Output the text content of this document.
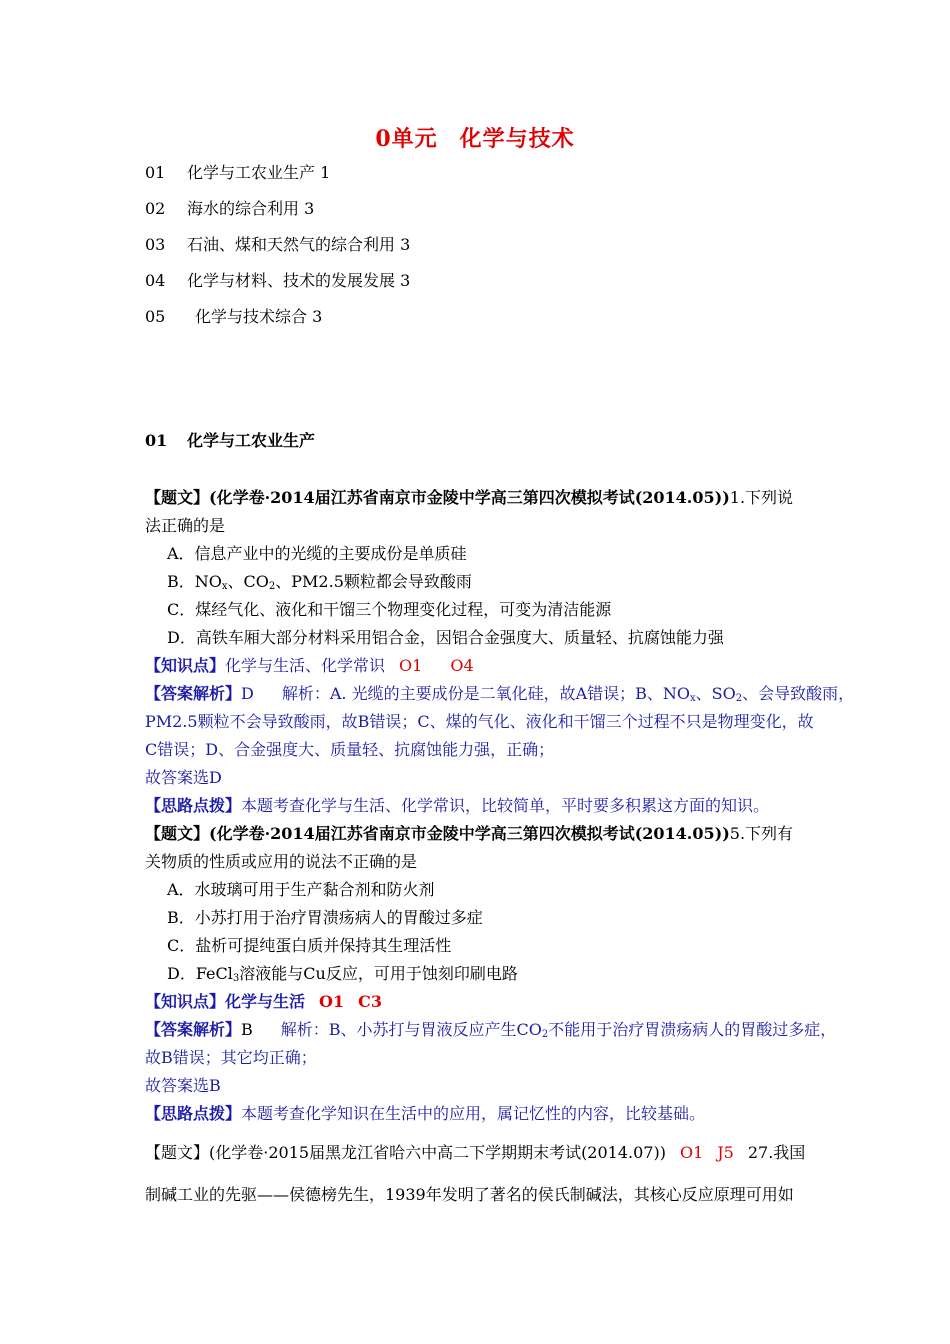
0单元 化学与技术
01 化学与工农业生产 1
02 海水的综合利用 3
03 石油、煤和天然气的综合利用 3
04 化学与材料、技术的发展发展 3
05 化学与技术综合 3
01 化学与工农业生产
【题文】(化学卷·2014届江苏省南京市金陵中学高三第四次模拟考试(2014.05))1.下列说
法正确的是
A．信息产业中的光缆的主要成份是单质硅
B．$NO_x$、$CO_2$、PM2.5颗粒都会导致酸雨
C．煤经气化、液化和干馏三个物理变化过程，可变为清洁能源
D．高铁车厢大部分材料采用铝合金，因铝合金强度大、质量轻、抗腐蚀能力强
【知识点】化学与生活、化学常识 O1 O4
【答案解析】D 解析：A. 光缆的主要成份是二氧化硅，故A错误；B、$NO_x$、$SO_2$、会导致酸雨，
PM2.5颗粒不会导致酸雨，故B错误；C、煤的气化、液化和干馏三个过程不只是物理变化，故
C错误；D、合金强度大、质量轻、抗腐蚀能力强，正确；
故答案选D
【思路点拨】本题考查化学与生活、化学常识，比较简单，平时要多积累这方面的知识。
【题文】(化学卷·2014届江苏省南京市金陵中学高三第四次模拟考试(2014.05))5.下列有
关物质的性质或应用的说法不正确的是
A．水玻璃可用于生产黏合剂和防火剂
B．小苏打用于治疗胃溃疡病人的胃酸过多症
C．盐析可提纯蛋白质并保持其生理活性
D．FeCl$_3$溶液能与Cu反应，可用于蚀刻印刷电路
【知识点】化学与生活 O1 C3
【答案解析】B 解析：B、小苏打与胃液反应产生$CO_2$不能用于治疗胃溃疡病人的胃酸过多症，
故B错误；其它均正确；
故答案选B
【思路点拨】本题考查化学知识在生活中的应用，属记忆性的内容，比较基础。
【题文】(化学卷·2015届黑龙江省哈六中高二下学期期末考试(2014.07)) O1 J5 27.我国
制碱工业的先驱——侯德榜先生，1939年发明了著名的侯氏制碱法，其核心反应原理可用如
